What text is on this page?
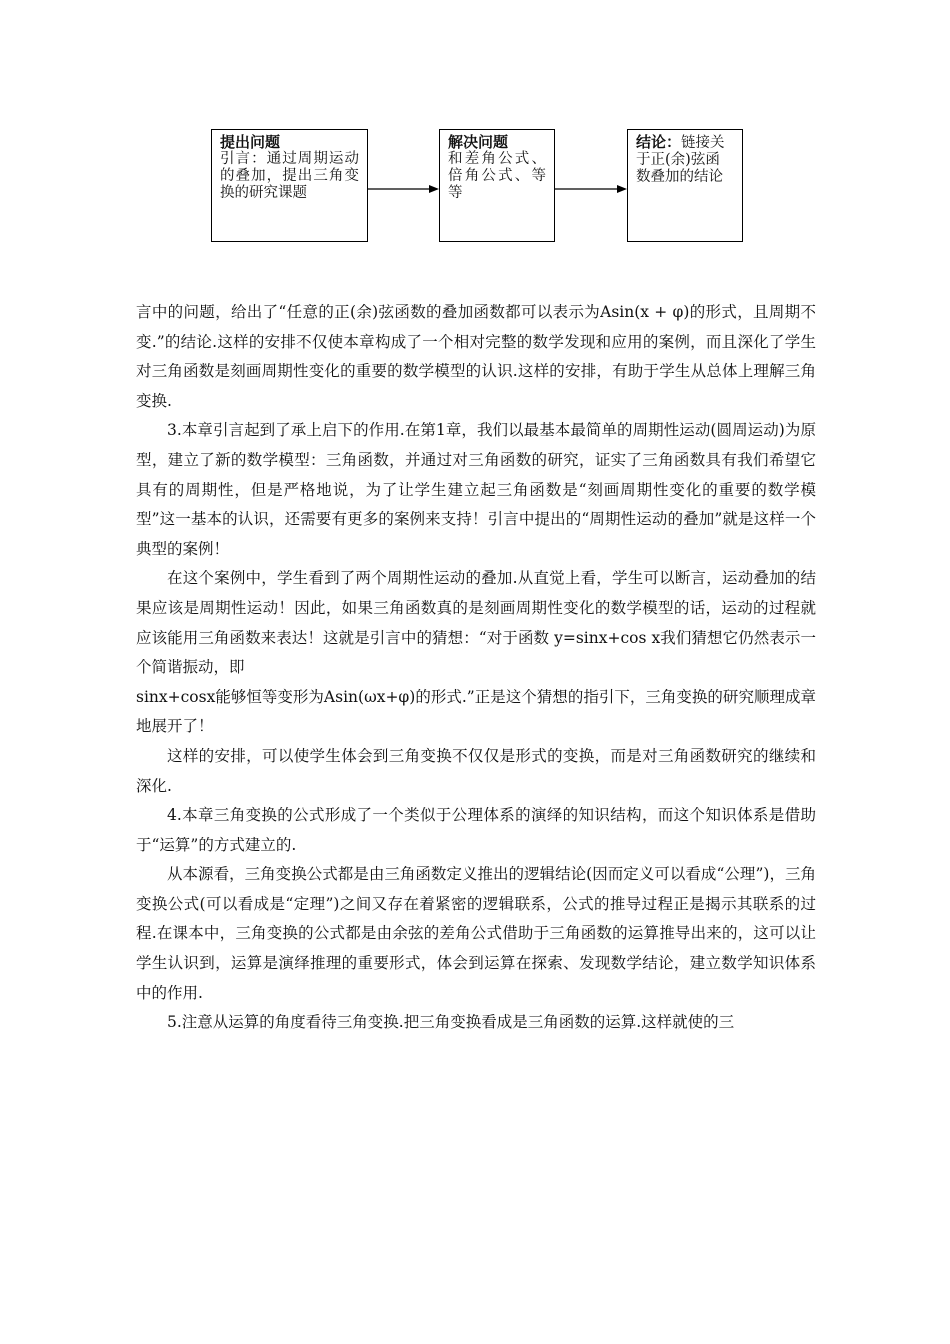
提出问题
引言：通过周期运动的叠加，提出三角变换的研究课题
解决问题
和差角公式、倍角公式、等等
结论：链接关于正(余)弦函数叠加的结论

言中的问题，给出了“任意的正(余)弦函数的叠加函数都可以表示为Asin(x + φ)的形式，且周期不变.”的结论.这样的安排不仅使本章构成了一个相对完整的数学发现和应用的案例，而且深化了学生对三角函数是刻画周期性变化的重要的数学模型的认识.这样的安排，有助于学生从总体上理解三角变换.

3.本章引言起到了承上启下的作用.在第1章，我们以最基本最简单的周期性运动(圆周运动)为原型，建立了新的数学模型：三角函数，并通过对三角函数的研究，证实了三角函数具有我们希望它具有的周期性，但是严格地说，为了让学生建立起三角函数是“刻画周期性变化的重要的数学模型”这一基本的认识，还需要有更多的案例来支持！引言中提出的“周期性运动的叠加”就是这样一个典型的案例！

在这个案例中，学生看到了两个周期性运动的叠加.从直觉上看，学生可以断言，运动叠加的结果应该是周期性运动！因此，如果三角函数真的是刻画周期性变化的数学模型的话，运动的过程就应该能用三角函数来表达！这就是引言中的猜想：“对于函数 y=sinx+cos x我们猜想它仍然表示一个简谐振动，即

sinx+cosx能够恒等变形为Asin(ωx+φ)的形式.”正是这个猜想的指引下，三角变换的研究顺理成章地展开了！

这样的安排，可以使学生体会到三角变换不仅仅是形式的变换，而是对三角函数研究的继续和深化.

4.本章三角变换的公式形成了一个类似于公理体系的演绎的知识结构，而这个知识体系是借助于“运算”的方式建立的.

从本源看，三角变换公式都是由三角函数定义推出的逻辑结论(因而定义可以看成“公理”)，三角变换公式(可以看成是“定理”)之间又存在着紧密的逻辑联系，公式的推导过程正是揭示其联系的过程.在课本中，三角变换的公式都是由余弦的差角公式借助于三角函数的运算推导出来的，这可以让学生认识到，运算是演绎推理的重要形式，体会到运算在探索、发现数学结论，建立数学知识体系中的作用.

5.注意从运算的角度看待三角变换.把三角变换看成是三角函数的运算.这样就使的三
